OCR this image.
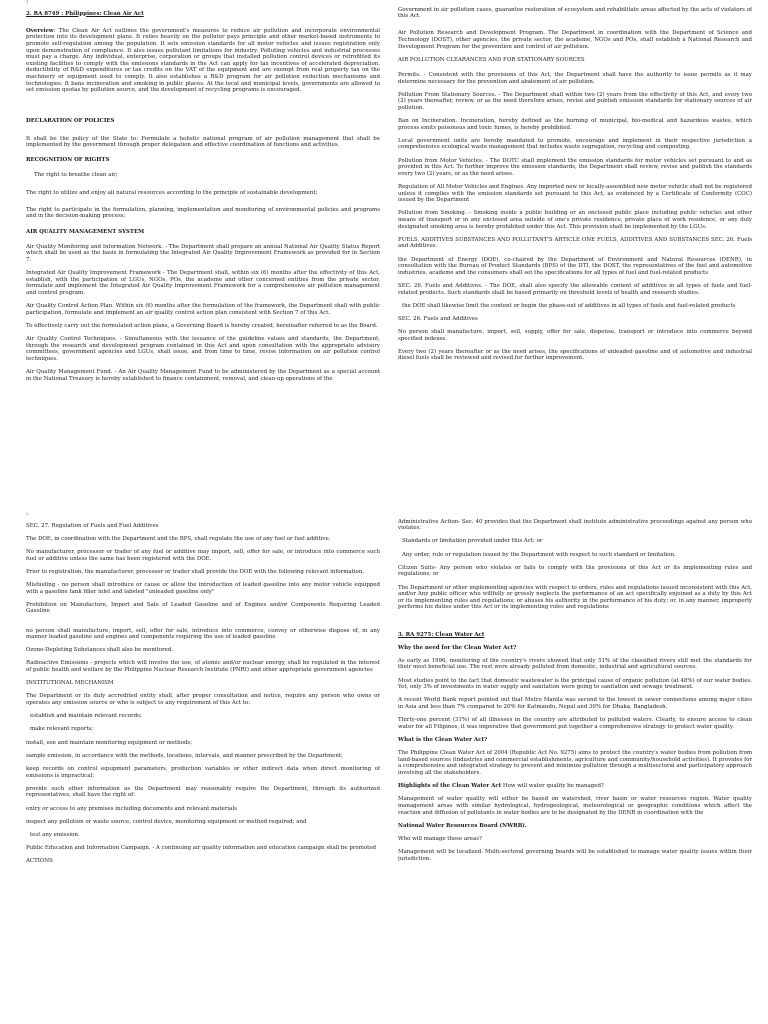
1

2. RA 8749 : Philippines: Clean Air Act

Overview: The Clean Air Act outlines the government's measures to reduce air pollution and incorporate environmental protection into its development plans. It relies heavily on the polluter pays principle and other market-based instruments to promote self-regulation among the population. It sets emission standards for all motor vehicles and issues registration only upon demonstration of compliance. It also issues pollutant limitations for industry. Polluting vehicles and industrial processes must pay a charge. Any individual, enterprise, corporation or groups that installed pollution control devices or retrofitted its existing facilities to comply with the emissions standards in the Act can apply for tax incentives of accelerated depreciation, deductibility of R&D expenditures or tax credits on the VAT of the equipment and are exempt from real property tax on the machinery or equipment used to comply. It also establishes a R&D program for air pollution reduction mechanisms and technologies. It bans incineration and smoking in public places. At the local and municipal levels, governments are allowed to set emission quotas by pollution source, and the development of recycling programs is encouraged.

DECLARATION OF POLICIES

It shall be the policy of the State to: Formulate a holistic national program of air pollution management that shall be implemented by the government through proper delegation and effective coordination of functions and activities.

RECOGNITION OF RIGHTS

The right to breathe clean air;

The right to utilize and enjoy all natural resources according to the principle of sustainable development;

The right to participate in the formulation, planning, implementation and monitoring of environmental policies and programs and in the decision-making process;

AIR QUALITY MANAGEMENT SYSTEM

Air Quality Monitoring and Information Network. - The Department shall prepare an annual National Air Quality Status Report which shall be used as the basis in formulating the Integrated Air Quality Improvement Framework as provided for in Section 7.

Integrated Air Quality Improvement Framework - The Department shall, within six (6) months after the effectivity of this Act, establish, with the participation of LGUs, NGOs, POs, the academe and other concerned entities from the private sector, formulate and implement the Integrated Air Quality Improvement Framework for a comprehensive air pollution management and control program.

Air Quality Control Action Plan. Within six (6) months after the formulation of the framework, the Department shall with public participation, formulate and implement an air quality control action plan consistent with Section 7 of this Act.

To effectively carry out the formulated action plans, a Governing Board is hereby created, hereinafter referred to as the Board.

Air Quality Control Techniques. - Simultaneous with the issuance of the guideline values and standards, the Department, through the research and development program contained in this Act and upon consultation with the appropriate advisory committees, government agencies and LGUs, shall issue, and from time to time, revise information on air pollution control techniques.

Air Quality Management Fund. - An Air Quality Management Fund to be administered by the Department as a special account in the National Treasury is hereby established to finance containment, removal, and clean-up operations of the

Government in air pollution cases, guarantee restoration of ecosystem and rehabilitate areas affected by the acts of violators of this Act.

Air Pollution Research and Development Program. The Department in coordination with the Department of Science and Technology (DOST), other agencies, the private sector, the academe, NGOs and POs, shall establish a National Research and Development Program for the prevention and control of air pollution.

AIR POLLUTION CLEARANCES AND FOR STATIONARY SOURCES

Permits. - Consistent with the provisions of this Act, the Department shall have the authority to issue permits as it may determine necessary for the prevention and abatement of air pollution.

Pollution From Stationary Sources. - The Department shall within two (2) years from the effectivity of this Act, and every two (2) years thereafter, review, or as the need therefore arises, revise and publish emission standards for stationary sources of air pollution.

Ban on Incineration. Incineration, hereby defined as the burning of municipal, bio-medical and hazardous wastes, which process emits poisonous and toxic fumes, is hereby prohibited.

Local government units are hereby mandated to promote, encourage and implement in their respective jurisdiction a comprehensive ecological waste management that includes waste segregation, recycling and composting.

Pollution from Motor Vehicles. - The DOTC shall implement the emission standards for motor vehicles set pursuant to and as provided in this Act. To further improve the emission standards, the Department shall review, revise and publish the standards every two (2) years, or as the need arises.

Regulation of All Motor Vehicles and Engines. Any imported new or locally-assembled new motor vehicle shall not be registered unless it complies with the emission standards set pursuant to this Act, as evidenced by a Certificate of Conformity (COC) issued by the Department

Pollution from Smoking. - Smoking inside a public building or an enclosed public place including public vehicles and other means of transport or in any enclosed area outside of one's private residence, private place of work residence, or any duly designated smoking area is hereby prohibited under this Act. This provision shall be implemented by the LGUs.

FUELS, ADDITIVES SUBSTANCES AND POLLUTANT'S ARTICLE ONE FUELS, ADDITIVES AND SUBSTANCES SEC. 26. Fuels and Additives.

the Department of Energy (DOE), co-chaired by the Department of Environment and Natural Resources (DENR), in consultation with the Bureau of Product Standards (BPS) of the DTI, the DOST, the representatives of the fuel and automotive industries, academe and the consumers shall set the specifications for all types of fuel and fuel-related products

SEC. 26. Fuels and Additives. - The DOE, shall also specify the allowable content of additives in all types of fuels and fuel-related products. Such standards shall be based primarily on threshold levels of health and research studies.

the DOE shall likewise limit the content or begin the phase-out of additives in all types of fuels and fuel-related products

SEC. 26. Fuels and Additives

No person shall manufacture, import, sell, supply, offer for sale, dispense, transport or introduce into commerce beyond specified indexes.

Every two (2) years thereafter or as the need arises, the specifications of unleaded gasoline and of automotive and industrial diesel fuels shall be reviewed and revised for further improvement.

2

SEC. 27. Regulation of Fuels and Fuel Additives

The DOE, in coordination with the Department and the BPS, shall regulate the use of any fuel or fuel additive.

No manufacturer, processor or trader of any fuel or additive may import, sell, offer for sale, or introduce into commerce such fuel or additive unless the same has been registered with the DOE.

Prior to registration, the manufacturer, processor or trader shall provide the DOE with the following relevant information.

Misfueling - no person shall introduce or cause or allow the introduction of leaded gasoline into any motor vehicle equipped with a gasoline tank filler inlet and labeled "unleaded gasoline only"

Prohibition on Manufacture, Import and Sale of Leaded Gasoline and of Engines and/or Components Requiring Leaded Gasoline

no person shall manufacture, import, sell, offer for sale, introduce into commerce, convey or otherwise dispose of, in any manner leaded gasoline and engines and components requiring the use of leaded gasoline

Ozone-Depleting Substances shall also be monitored.

Radioactive Emissions - projects which will involve the use, of atomic and/or nuclear energy, shall be regulated in the interest of public health and welfare by the Philippine Nuclear Research Institute (PNRI) and other appropriate government agencies

INSTITUTIONAL MECHANISM

The Department or its duly accredited entity shall, after proper consultation and notice, require any person who owns or operates any emission source or who is subject to any requirement of this Act to:

establish and maintain relevant records;

make relevant reports;

install, use and maintain monitoring equipment or methods;

sample emission, in accordance with the methods, locations, intervals, and manner prescribed by the Department;

keep records on control equipment parameters, production variables or other indirect data when direct monitoring of emissions is impractical;

provide such other information as the Department may reasonably require the Department, through its authorized representatives, shall have the right of:

entry or access to any premises including documents and relevant materials

inspect any pollution or waste source, control device, monitoring equipment or method required; and

test any emission.

Public Education and Information Campaign. - A continuing air quality information and education campaign shall be promoted

ACTIONS

Administrative Action- Sec. 40 provides that the Department shall institute administrative proceedings against any person who violates:

Standards or limitation provided under this Act; or

Any order, rule or regulation issued by the Department with respect to such standard or limitation.

Citizen Suits- Any person who violates or fails to comply with the provisions of this Act or its implementing rules and regulations; or

The Department or other implementing agencies with respect to orders, rules and regulations issued inconsistent with this Act, and/or Any public officer who willfully or grossly neglects the performance of an act specifically enjoined as a duty by this Act or its implementing rules and regulations; or abuses his authority in the performance of his duty; or, in any manner, improperly performs his duties under this Act or its implementing rules and regulations

3. RA 9275: Clean Water Act

Why the need for the Clean Water Act?

As early as 1996, monitoring of the country's rivers showed that only 51% of the classified rivers still met the standards for their most beneficial use. The rest were already polluted from domestic, industrial and agricultural sources.

Most studies point to the fact that domestic wastewater is the principal cause of organic pollution (at 48%) of our water bodies. Yet, only 3% of investments in water supply and sanitation were going to sanitation and sewage treatment.

A recent World Bank report pointed out that Metro Manila was second to the lowest in sewer connections among major cities in Asia and less than 7% compared to 20% for Katmandu, Nepal and 30% for Dhaka, Bangladesh.

Thirty-one percent (31%) of all illnesses in the country are attributed to polluted waters. Clearly, to ensure access to clean water for all Filipinos, it was imperative that government put together a comprehensive strategy to protect water quality.

What is the Clean Water Act?

The Philippine Clean Water Act of 2004 (Republic Act No. 9275) aims to protect the country's water bodies from pollution from land-based sources (industries and commercial establishments, agriculture and community/household activities). It provides for a comprehensive and integrated strategy to prevent and minimize pollution through a multisectoral and participatory approach involving all the stakeholders.

Highlights of the Clean Water Act How will water quality be managed?

Management of water quality will either be based on watershed, river basin or water resources region. Water quality management areas with similar hydrological, hydrogeological, meteorological or geographic conditions which affect the reaction and diffusion of pollutants in water bodies are to be designated by the DENR in coordination with the

National Water Resources Board (NWRB).

Who will manage these areas?

Management will be localized. Multi-sectoral governing boards will be established to manage water quality issues within their jurisdiction.
